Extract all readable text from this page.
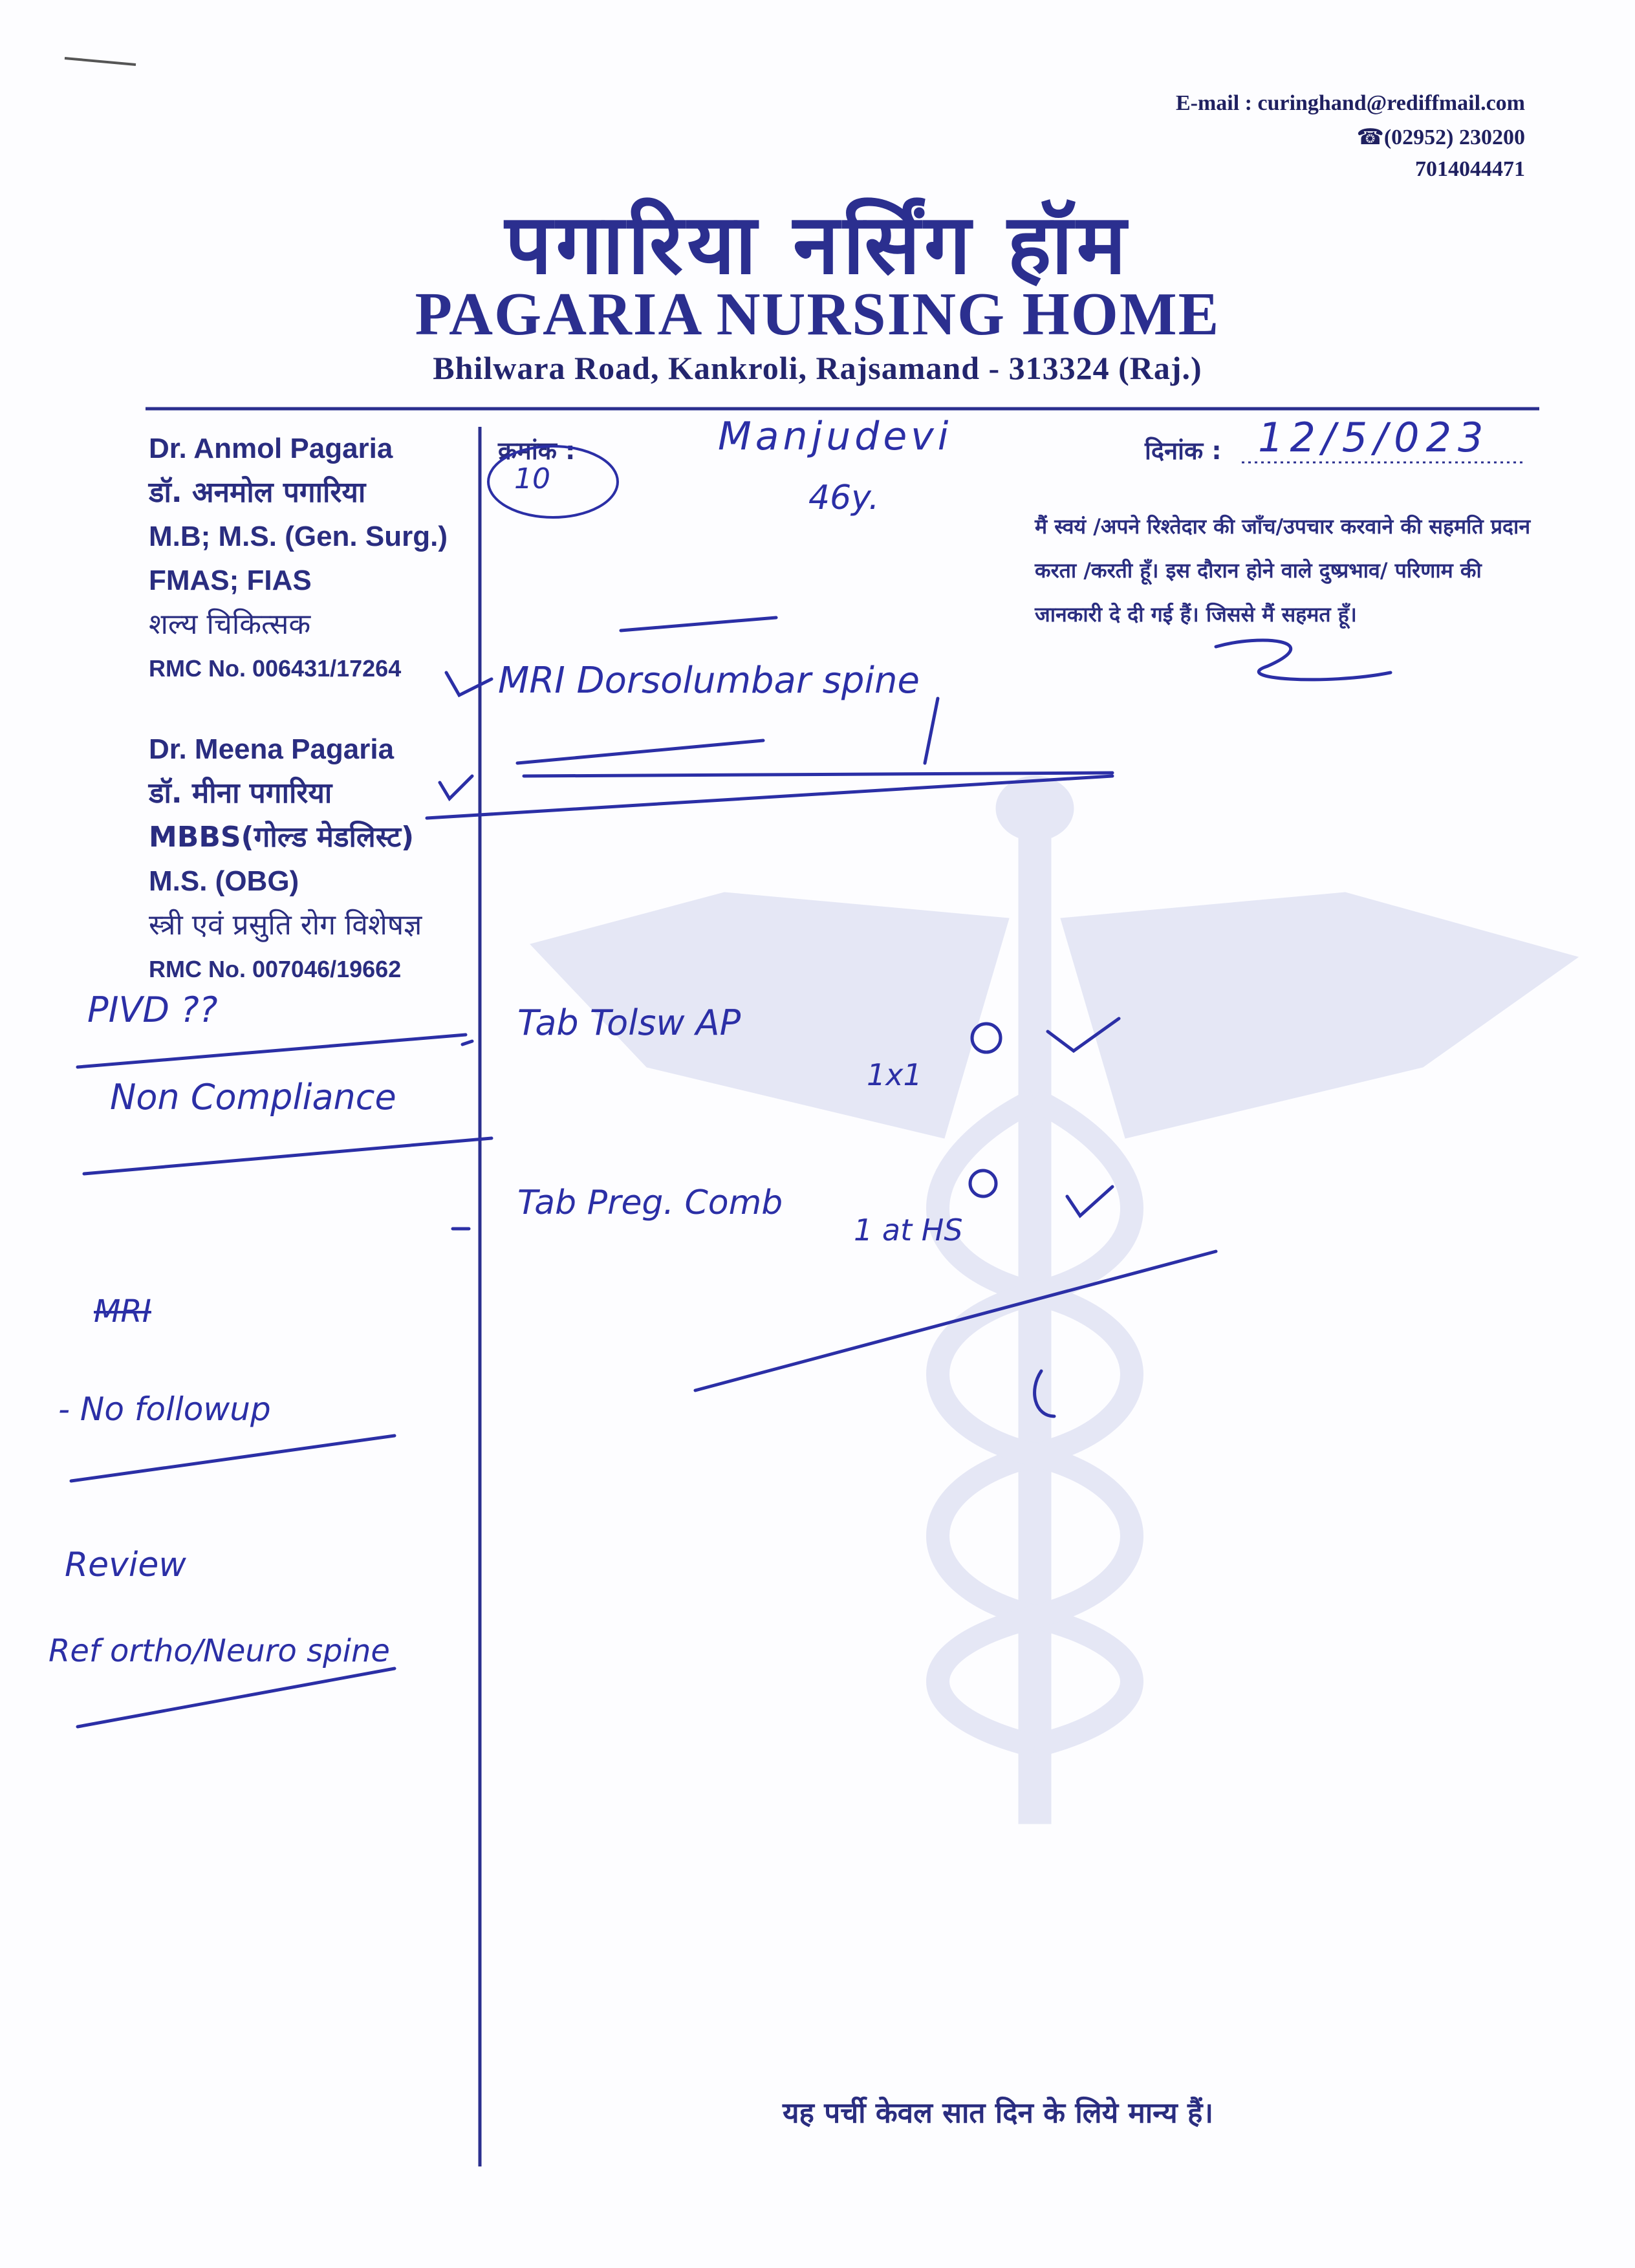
E-mail : curinghand@rediffmail.com
☎(02952) 230200
7014044471
पगारिया नर्सिंग हॉम
PAGARIA NURSING HOME
Bhilwara Road, Kankroli, Rajsamand - 313324 (Raj.)
Dr. Anmol Pagaria
डॉ. अनमोल पगारिया
M.B; M.S. (Gen. Surg.)
FMAS; FIAS
शल्य चिकित्सक
RMC No. 006431/17264
Dr. Meena Pagaria
डॉ. मीना पगारिया
MBBS(गोल्ड मेडलिस्ट)
M.S. (OBG)
स्त्री एवं प्रसुति रोग विशेषज्ञ
RMC No. 007046/19662
क्रमांक :	दिनांक :
मैं स्वयं /अपने रिश्तेदार की जाँच/उपचार करवाने की सहमति प्रदान करता /करती हूँ। इस दौरान होने वाले दुष्प्रभाव/ परिणाम की जानकारी दे दी गई हैं। जिससे मैं सहमत हूँ।
यह पर्ची केवल सात दिन के लिये मान्य हैं।
10
Manjudevi
46y.
12/5/023
MRI Dorsolumbar spine
Tab Tolsw AP
1x1
Tab Preg. Comb
1 at HS
PIVD ??
Non Compliance
MRI
- No followup
Review
Ref ortho/Neuro spine
